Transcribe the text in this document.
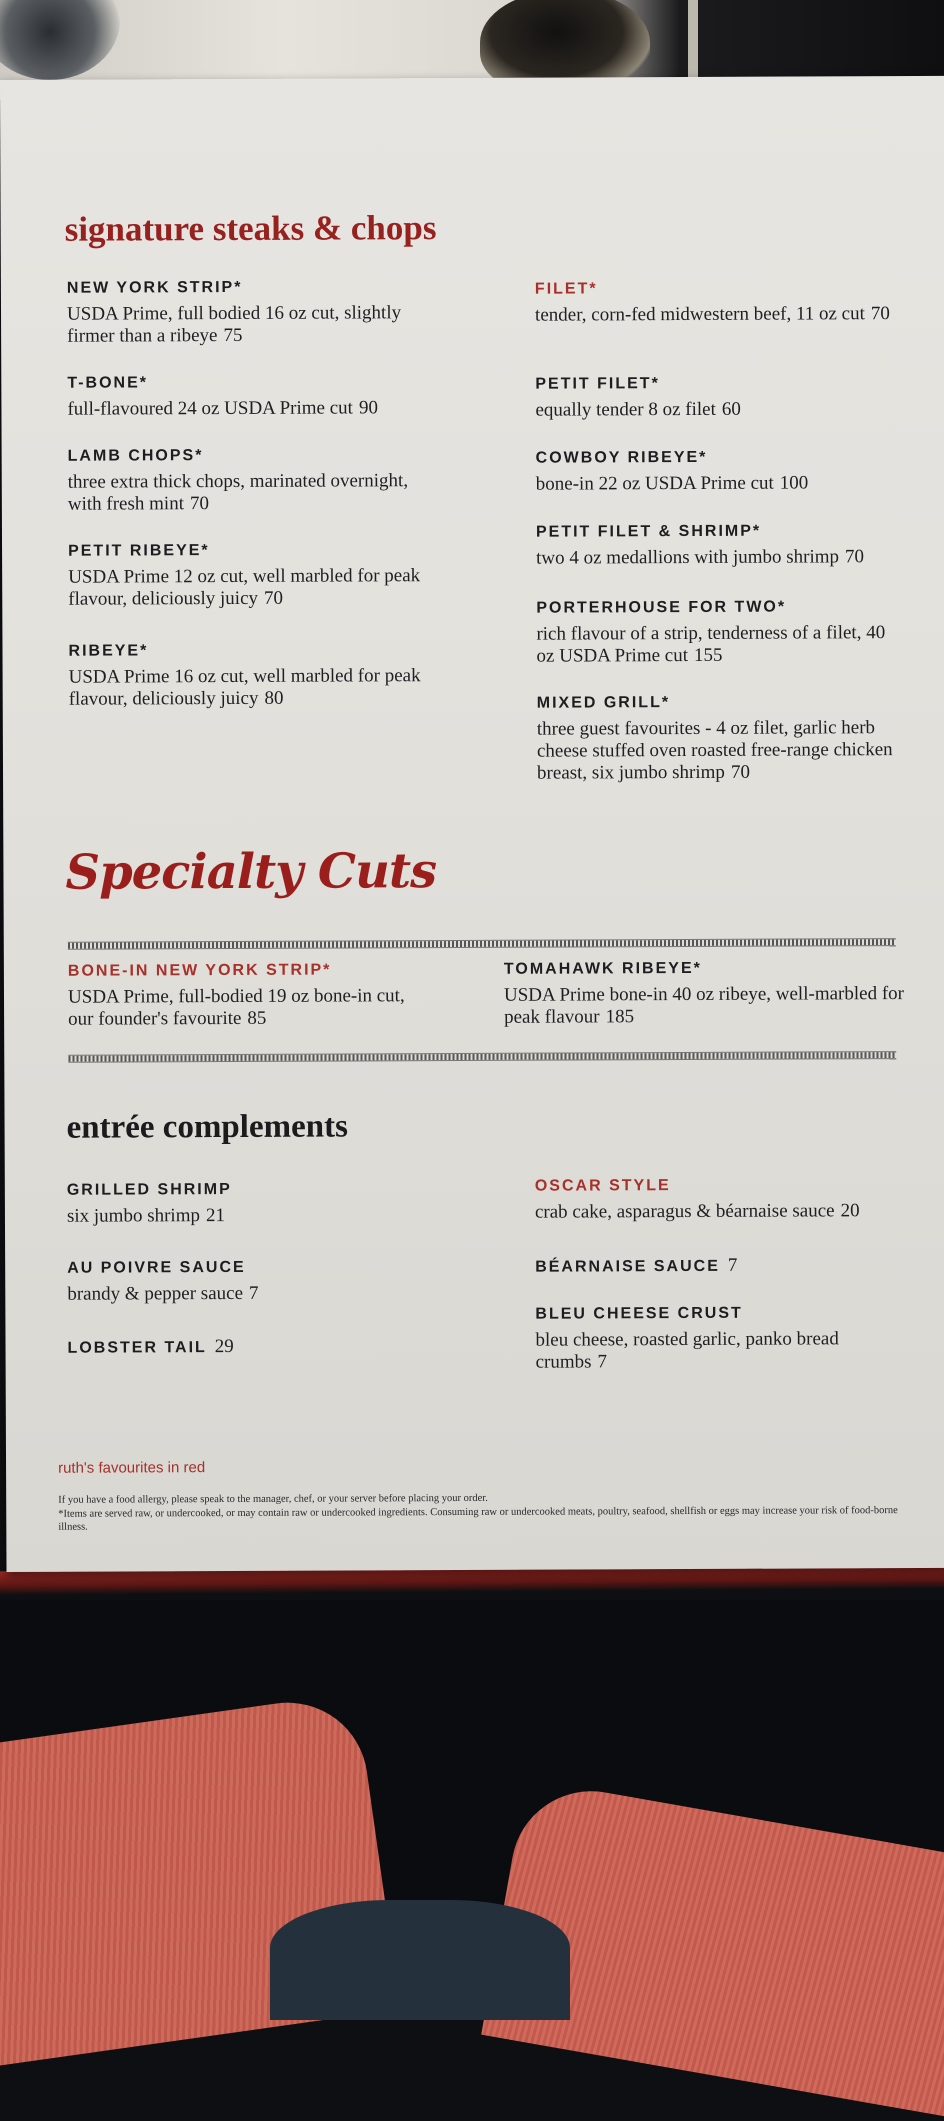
signature steaks & chops
NEW YORK STRIP*
USDA Prime, full bodied 16 oz cut, slightly firmer than a ribeye 75
T-BONE*
full-flavoured 24 oz USDA Prime cut 90
LAMB CHOPS*
three extra thick chops, marinated overnight, with fresh mint 70
PETIT RIBEYE*
USDA Prime 12 oz cut, well marbled for peak flavour, deliciously juicy 70
RIBEYE*
USDA Prime 16 oz cut, well marbled for peak flavour, deliciously juicy 80
FILET*
tender, corn-fed midwestern beef, 11 oz cut 70
PETIT FILET*
equally tender 8 oz filet 60
COWBOY RIBEYE*
bone-in 22 oz USDA Prime cut 100
PETIT FILET & SHRIMP*
two 4 oz medallions with jumbo shrimp 70
PORTERHOUSE FOR TWO*
rich flavour of a strip, tenderness of a filet, 40 oz USDA Prime cut 155
MIXED GRILL*
three guest favourites - 4 oz filet, garlic herb cheese stuffed oven roasted free-range chicken breast, six jumbo shrimp 70
Specialty Cuts
BONE-IN NEW YORK STRIP*
USDA Prime, full-bodied 19 oz bone-in cut, our founder's favourite 85
TOMAHAWK RIBEYE*
USDA Prime bone-in 40 oz ribeye, well-marbled for peak flavour 185
entrée complements
GRILLED SHRIMP
six jumbo shrimp 21
AU POIVRE SAUCE
brandy & pepper sauce 7
LOBSTER TAIL 29
OSCAR STYLE
crab cake, asparagus & béarnaise sauce 20
BÉARNAISE SAUCE 7
BLEU CHEESE CRUST
bleu cheese, roasted garlic, panko bread crumbs 7

ruth's favourites in red

If you have a food allergy, please speak to the manager, chef, or your server before placing your order.

*Items are served raw, or undercooked, or may contain raw or undercooked ingredients. Consuming raw or undercooked meats, poultry, seafood, shellfish or eggs may increase your risk of food-borne illness.
